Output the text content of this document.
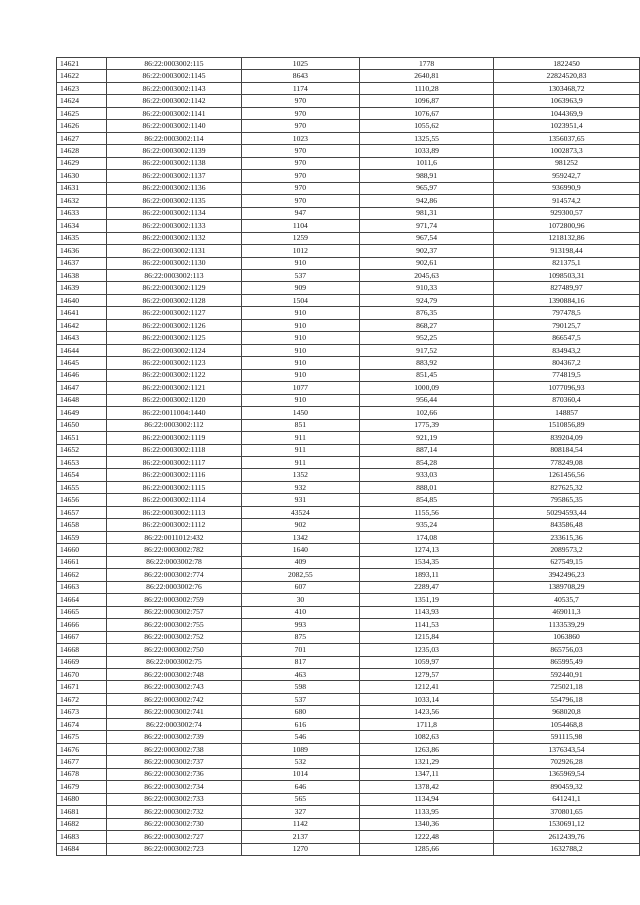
14621	86:22:0003002:115	1025	1778	1822450
14622	86:22:0003002:1145	8643	2640,81	22824520,83
14623	86:22:0003002:1143	1174	1110,28	1303468,72
14624	86:22:0003002:1142	970	1096,87	1063963,9
14625	86:22:0003002:1141	970	1076,67	1044369,9
14626	86:22:0003002:1140	970	1055,62	1023951,4
14627	86:22:0003002:114	1023	1325,55	1356037,65
14628	86:22:0003002:1139	970	1033,89	1002873,3
14629	86:22:0003002:1138	970	1011,6	981252
14630	86:22:0003002:1137	970	988,91	959242,7
14631	86:22:0003002:1136	970	965,97	936990,9
14632	86:22:0003002:1135	970	942,86	914574,2
14633	86:22:0003002:1134	947	981,31	929300,57
14634	86:22:0003002:1133	1104	971,74	1072800,96
14635	86:22:0003002:1132	1259	967,54	1218132,86
14636	86:22:0003002:1131	1012	902,37	913198,44
14637	86:22:0003002:1130	910	902,61	821375,1
14638	86:22:0003002:113	537	2045,63	1098503,31
14639	86:22:0003002:1129	909	910,33	827489,97
14640	86:22:0003002:1128	1504	924,79	1390884,16
14641	86:22:0003002:1127	910	876,35	797478,5
14642	86:22:0003002:1126	910	868,27	790125,7
14643	86:22:0003002:1125	910	952,25	866547,5
14644	86:22:0003002:1124	910	917,52	834943,2
14645	86:22:0003002:1123	910	883,92	804367,2
14646	86:22:0003002:1122	910	851,45	774819,5
14647	86:22:0003002:1121	1077	1000,09	1077096,93
14648	86:22:0003002:1120	910	956,44	870360,4
14649	86:22:0011004:1440	1450	102,66	148857
14650	86:22:0003002:112	851	1775,39	1510856,89
14651	86:22:0003002:1119	911	921,19	839204,09
14652	86:22:0003002:1118	911	887,14	808184,54
14653	86:22:0003002:1117	911	854,28	778249,08
14654	86:22:0003002:1116	1352	933,03	1261456,56
14655	86:22:0003002:1115	932	888,01	827625,32
14656	86:22:0003002:1114	931	854,85	795865,35
14657	86:22:0003002:1113	43524	1155,56	50294593,44
14658	86:22:0003002:1112	902	935,24	843586,48
14659	86:22:0011012:432	1342	174,08	233615,36
14660	86:22:0003002:782	1640	1274,13	2089573,2
14661	86:22:0003002:78	409	1534,35	627549,15
14662	86:22:0003002:774	2082,55	1893,11	3942496,23
14663	86:22:0003002:76	607	2289,47	1389708,29
14664	86:22:0003002:759	30	1351,19	40535,7
14665	86:22:0003002:757	410	1143,93	469011,3
14666	86:22:0003002:755	993	1141,53	1133539,29
14667	86:22:0003002:752	875	1215,84	1063860
14668	86:22:0003002:750	701	1235,03	865756,03
14669	86:22:0003002:75	817	1059,97	865995,49
14670	86:22:0003002:748	463	1279,57	592440,91
14671	86:22:0003002:743	598	1212,41	725021,18
14672	86:22:0003002:742	537	1033,14	554796,18
14673	86:22:0003002:741	680	1423,56	968020,8
14674	86:22:0003002:74	616	1711,8	1054468,8
14675	86:22:0003002:739	546	1082,63	591115,98
14676	86:22:0003002:738	1089	1263,86	1376343,54
14677	86:22:0003002:737	532	1321,29	702926,28
14678	86:22:0003002:736	1014	1347,11	1365969,54
14679	86:22:0003002:734	646	1378,42	890459,32
14680	86:22:0003002:733	565	1134,94	641241,1
14681	86:22:0003002:732	327	1133,95	370801,65
14682	86:22:0003002:730	1142	1340,36	1530691,12
14683	86:22:0003002:727	2137	1222,48	2612439,76
14684	86:22:0003002:723	1270	1285,66	1632788,2
